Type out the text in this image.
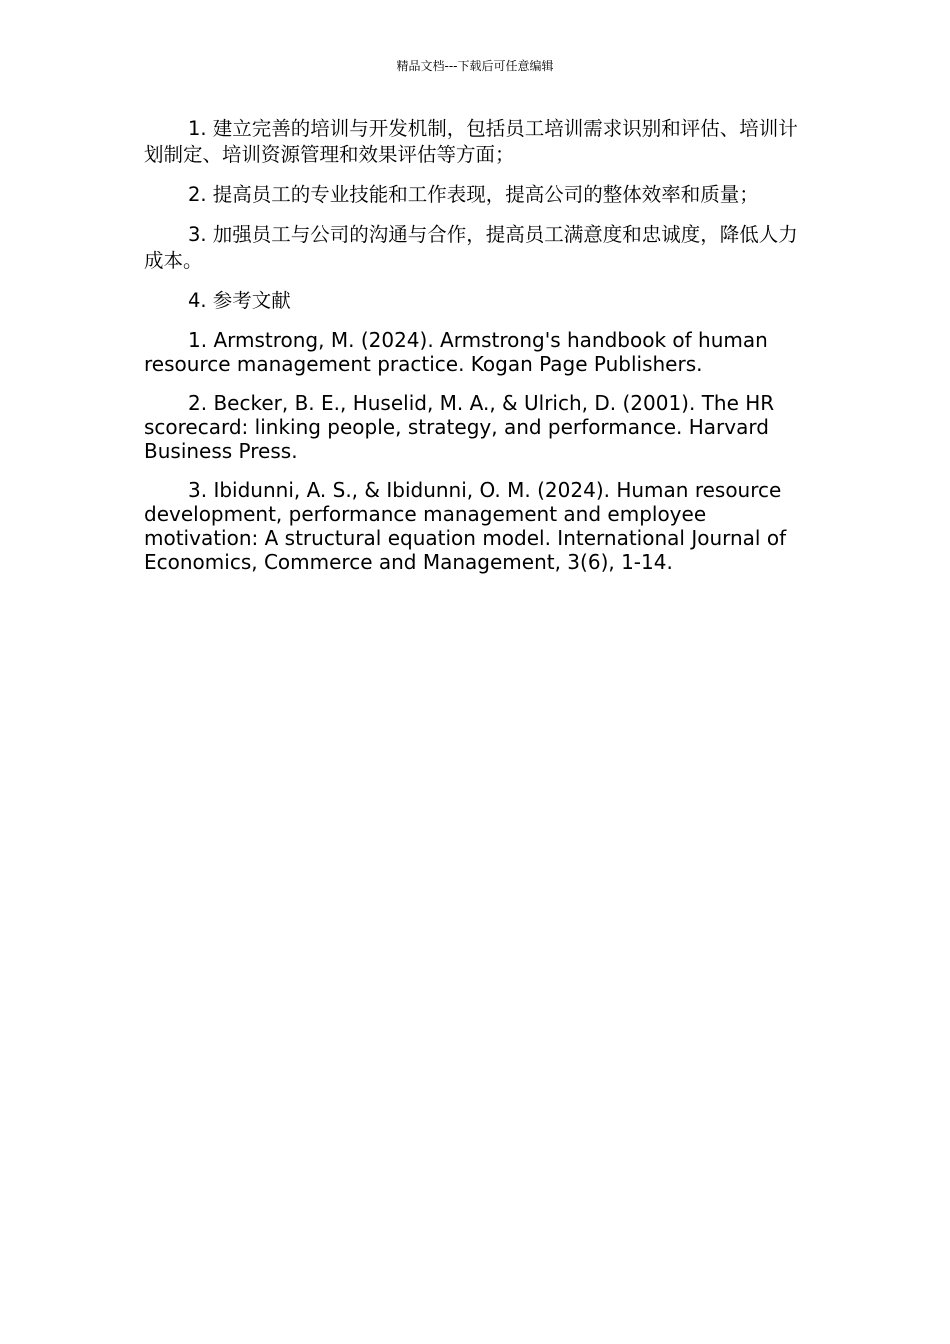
精品文档---下载后可任意编辑

1. 建立完善的培训与开发机制，包括员工培训需求识别和评估、培训计划制定、培训资源管理和效果评估等方面；

2. 提高员工的专业技能和工作表现，提高公司的整体效率和质量；

3. 加强员工与公司的沟通与合作，提高员工满意度和忠诚度，降低人力成本。

4. 参考文献

1. Armstrong, M. (2024). Armstrong's handbook of human resource management practice. Kogan Page Publishers.

2. Becker, B. E., Huselid, M. A., & Ulrich, D. (2001). The HR scorecard: linking people, strategy, and performance. Harvard Business Press.

3. Ibidunni, A. S., & Ibidunni, O. M. (2024). Human resource development, performance management and employee motivation: A structural equation model. International Journal of Economics, Commerce and Management, 3(6), 1-14.
